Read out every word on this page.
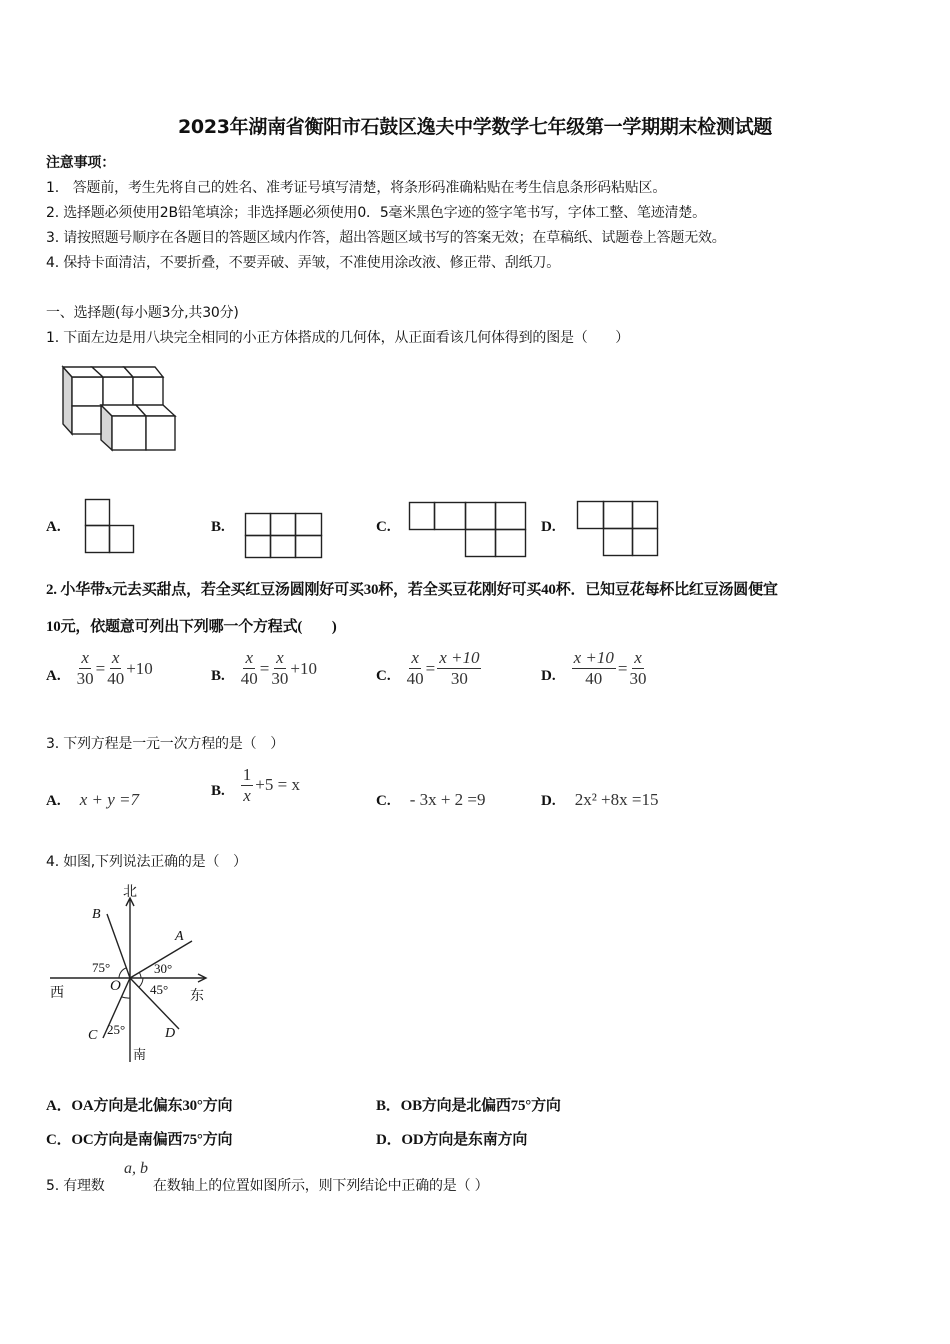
2023年湖南省衡阳市石鼓区逸夫中学数学七年级第一学期期末检测试题
注意事项：
1.　答题前，考生先将自己的姓名、准考证号填写清楚，将条形码准确粘贴在考生信息条形码粘贴区。
2. 选择题必须使用2B铅笔填涂；非选择题必须使用0．5毫米黑色字迹的签字笔书写，字体工整、笔迹清楚。
3. 请按照题号顺序在各题目的答题区域内作答，超出答题区域书写的答案无效；在草稿纸、试题卷上答题无效。
4. 保持卡面清洁，不要折叠，不要弄破、弄皱，不准使用涂改液、修正带、刮纸刀。
一、选择题(每小题3分,共30分)
1. 下面左边是用八块完全相同的小正方体搭成的几何体，从正面看该几何体得到的图是（　　）
A.	B.	C.	D.
2. 小华带x元去买甜点，若全买红豆汤圆刚好可买30杯，若全买豆花刚好可买40杯．已知豆花每杯比红豆汤圆便宜
10元，依题意可列出下列哪一个方程式(　　)
A. $\frac{x}{30} = \frac{x}{40} +10$	B. $\frac{x}{40} = \frac{x}{30} +10$	C. $\frac{x}{40} = \frac{x +10}{30}$	D. $\frac{x +10}{40} = \frac{x}{30}$
3. 下列方程是一元一次方程的是（　）
A. x + y =7	B. $\frac{1}{x} +5 = x$
C. - 3x + 2 =9	D. 2x² +8x =15
4. 如图,下列说法正确的是（　）
北
南
东
西	O
B
A
C	D
75°	30°
45°
25°
A．OA方向是北偏东30°方向	B．OB方向是北偏西75°方向
C．OC方向是南偏西75°方向	D．OD方向是东南方向
5. 有理数
a, b
在数轴上的位置如图所示，则下列结论中正确的是（ ）
